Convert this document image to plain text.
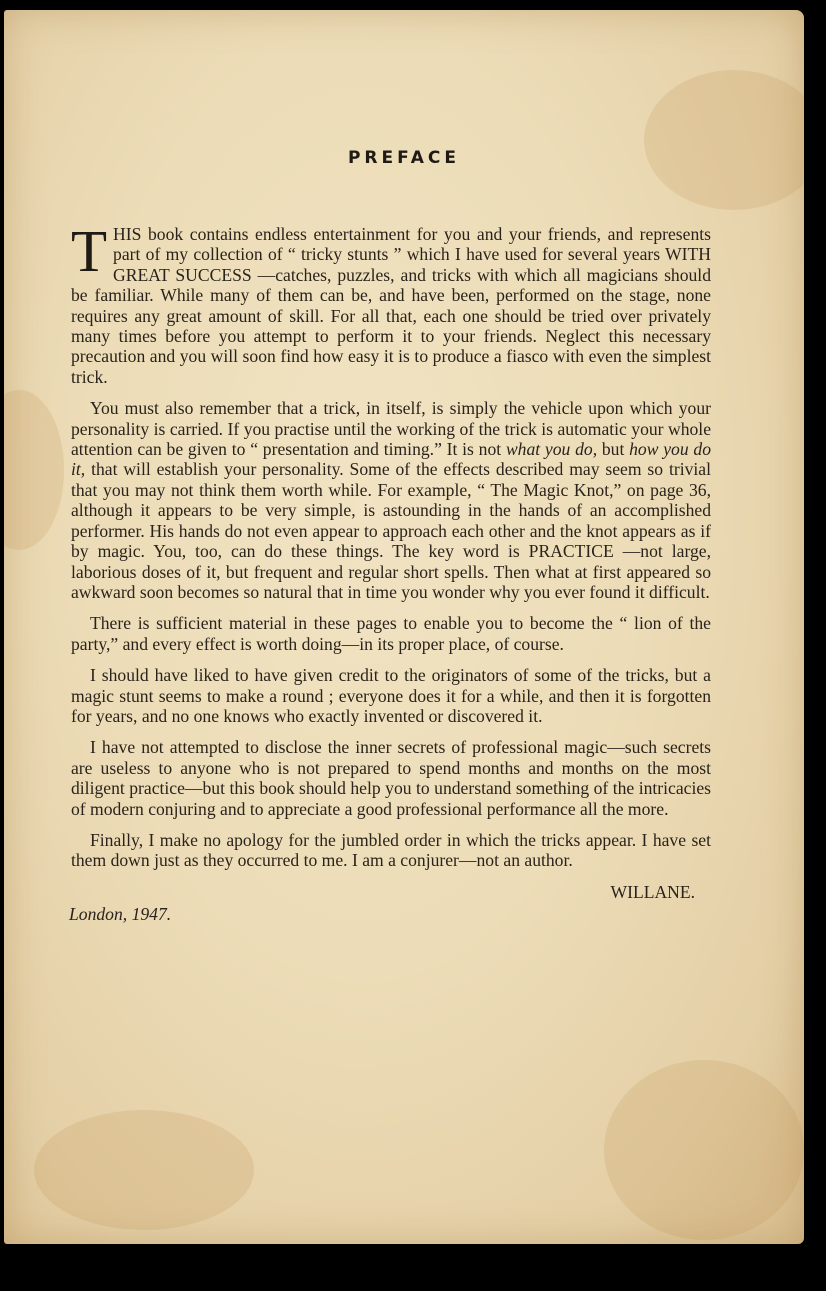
PREFACE

THIS book contains endless entertainment for you and your friends, and represents part of my collection of “ tricky stunts ” which I have used for several years WITH GREAT SUCCESS —catches, puzzles, and tricks with which all magicians should be familiar. While many of them can be, and have been, performed on the stage, none requires any great amount of skill. For all that, each one should be tried over privately many times before you attempt to perform it to your friends. Neglect this necessary precaution and you will soon find how easy it is to produce a fiasco with even the simplest trick.

You must also remember that a trick, in itself, is simply the vehicle upon which your personality is carried. If you practise until the working of the trick is automatic your whole attention can be given to “ presentation and timing.” It is not what you do, but how you do it, that will establish your personality. Some of the effects described may seem so trivial that you may not think them worth while. For example, “ The Magic Knot,” on page 36, although it appears to be very simple, is astounding in the hands of an accomplished performer. His hands do not even appear to approach each other and the knot appears as if by magic. You, too, can do these things. The key word is PRACTICE —not large, laborious doses of it, but frequent and regular short spells. Then what at first appeared so awkward soon becomes so natural that in time you wonder why you ever found it difficult.

There is sufficient material in these pages to enable you to become the “ lion of the party,” and every effect is worth doing—in its proper place, of course.

I should have liked to have given credit to the originators of some of the tricks, but a magic stunt seems to make a round ; everyone does it for a while, and then it is forgotten for years, and no one knows who exactly invented or discovered it.

I have not attempted to disclose the inner secrets of professional magic—such secrets are useless to anyone who is not prepared to spend months and months on the most diligent practice—but this book should help you to understand something of the intricacies of modern conjuring and to appreciate a good professional performance all the more.

Finally, I make no apology for the jumbled order in which the tricks appear. I have set them down just as they occurred to me. I am a conjurer—not an author.

WILLANE.
London, 1947.
